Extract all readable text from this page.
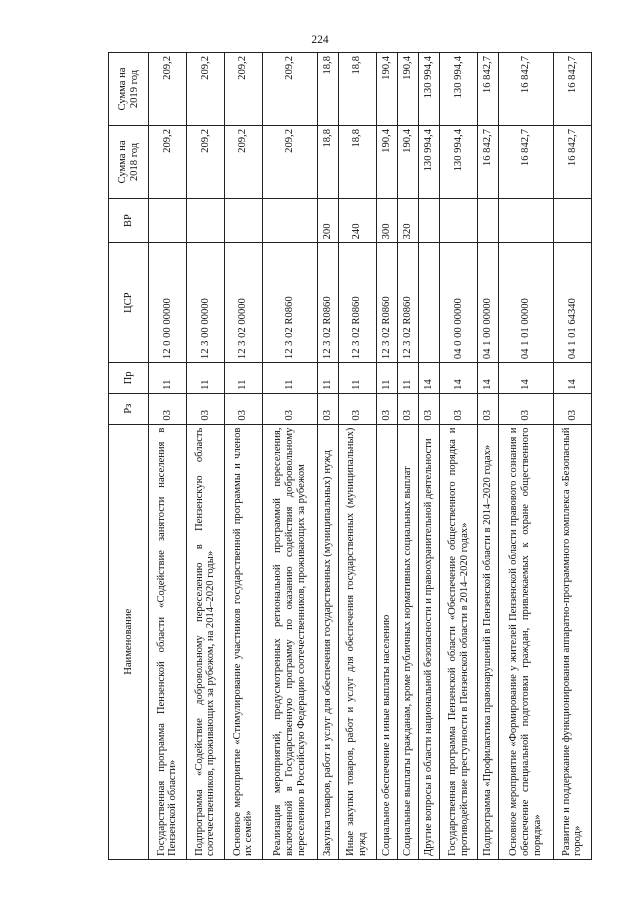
224
Наименование	Рз	Пр	ЦСР	ВР	Сумма на 2018 год	Сумма на 2019 год
Государственная программа Пензенской области «Содействие занятости населения в Пензенской области»	03	11	12 0 00 00000		209,2	209,2
Подпрограмма «Содействие добровольному переселению в Пензенскую область соотечественников, проживающих за рубежом, на 2014–2020 годы»	03	11	12 3 00 00000		209,2	209,2
Основное мероприятие «Стимулирование участников государственной программы и членов их семей»	03	11	12 3 02 00000		209,2	209,2
Реализация мероприятий, предусмотренных региональной программой переселения, включенной в Государственную программу по оказанию содействия добровольному переселению в Российскую Федерацию соотечественников, проживающих за рубежом	03	11	12 3 02 R0860		209,2	209,2
Закупка товаров, работ и услуг для обеспечения государственных (муниципальных) нужд	03	11	12 3 02 R0860	200	18,8	18,8
Иные закупки товаров, работ и услуг для обеспечения государственных (муниципальных) нужд	03	11	12 3 02 R0860	240	18,8	18,8
Социальное обеспечение и иные выплаты населению	03	11	12 3 02 R0860	300	190,4	190,4
Социальные выплаты гражданам, кроме публичных нормативных социальных выплат	03	11	12 3 02 R0860	320	190,4	190,4
Другие вопросы в области национальной безопасности и правоохранительной деятельности	03	14			130 994,4	130 994,4
Государственная программа Пензенской области «Обеспечение общественного порядка и противодействие преступности в Пензенской области в 2014–2020 годах»	03	14	04 0 00 00000		130 994,4	130 994,4
Подпрограмма «Профилактика правонарушений в Пензенской области в 2014–2020 годах»	03	14	04 1 00 00000		16 842,7	16 842,7
Основное мероприятие «Формирование у жителей Пензенской области правового сознания и обеспечение специальной подготовки граждан, привлекаемых к охране общественного порядка»	03	14	04 1 01 00000		16 842,7	16 842,7
Развитие и поддержание функционирования аппаратно-программного комплекса «Безопасный город»	03	14	04 1 01 64340		16 842,7	16 842,7
